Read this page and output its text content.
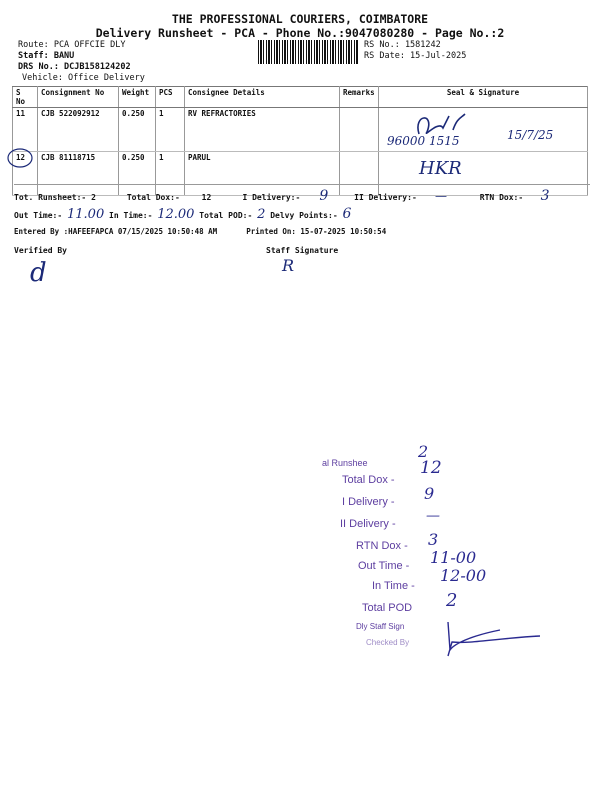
THE PROFESSIONAL COURIERS, COIMBATORE
Delivery Runsheet - PCA - Phone No.:9047080280 - Page No.:2
Route: PCA OFFCIE DLY
Staff: BANU
DRS No.: DCJB158124202
Vehicle: Office Delivery
RS No.: 1581242
RS Date: 15-Jul-2025
S No	Consignment No	Weight	PCS	Consignee Details	Remarks	Seal & Signature
11	CJB 522092912	0.250	1	RV REFRACTORIES		96000 1515 15/7/25

12	CJB 81118715	0.250	1	PARUL		HKR
Tot. Runsheet:- 2	Total Dox:-	12	I Delivery:- 9	II Delivery:- —	RTN Dox:- 3
Out Time:- 11.00 In Time:- 12.00 Total POD:- 2 Delvy Points:- 6
Entered By :HAFEEFAPCA 07/15/2025 10:50:48 AM	Printed On: 15-07-2025 10:50:54
Verified By	Staff Signature
d	R
al Runshee
2
Total Dox -
12
I Delivery - 9
II Delivery - —
RTN Dox - 3
Out Time - 11-00
In Time -
12-00
Total POD 2
Dly Staff Sign
Checked By
